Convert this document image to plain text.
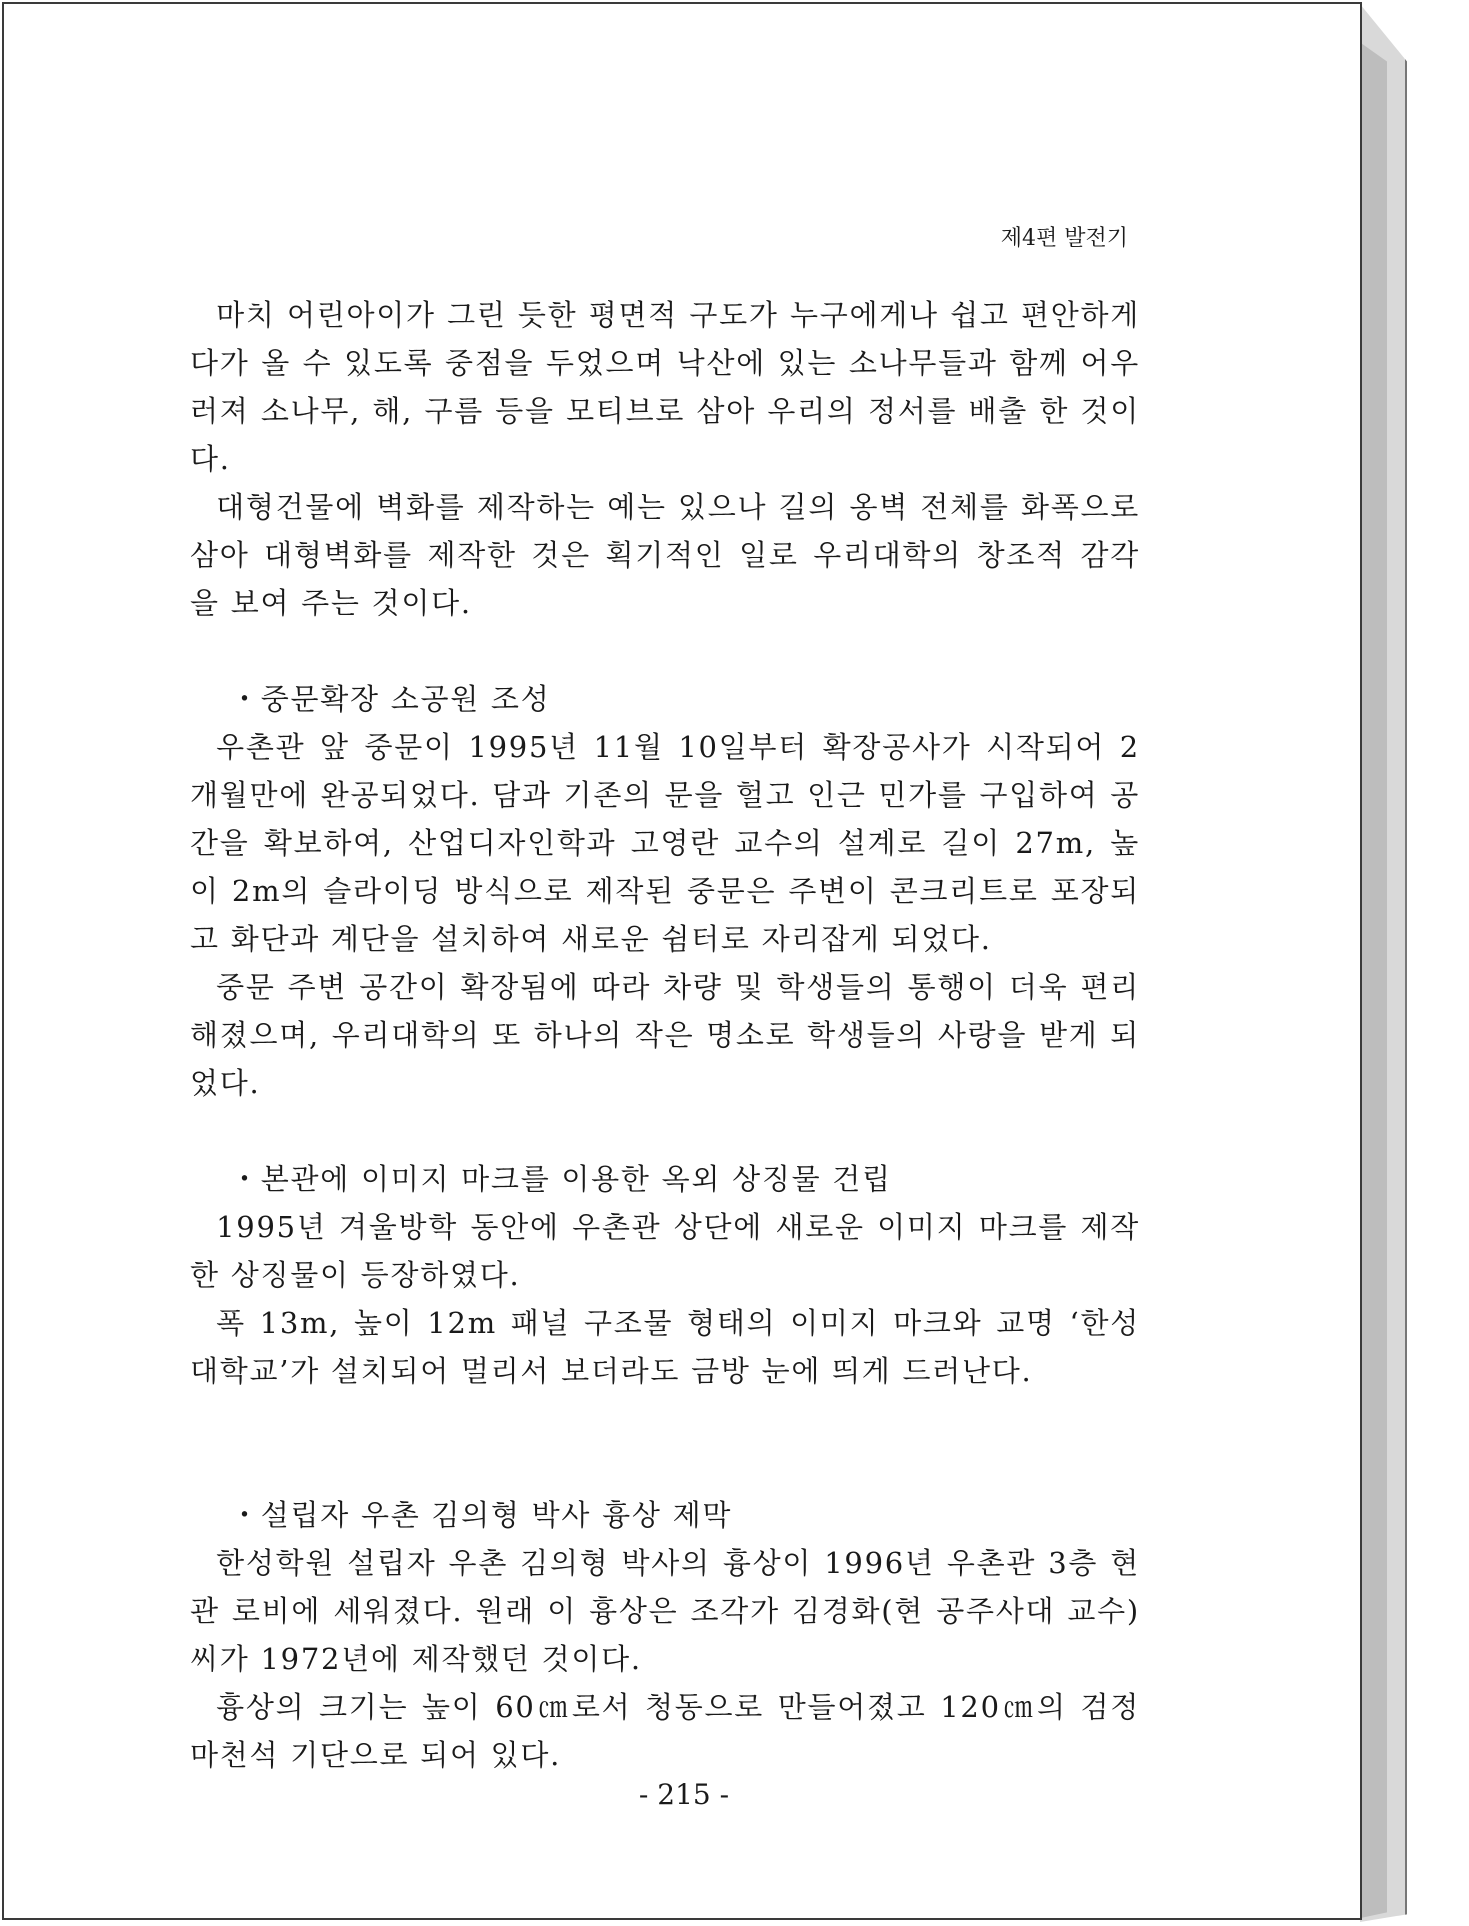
제4편 발전기

마치 어린아이가 그린 듯한 평면적 구도가 누구에게나 쉽고 편안하게 다가 올 수 있도록 중점을 두었으며 낙산에 있는 소나무들과 함께 어우러져 소나무, 해, 구름 등을 모티브로 삼아 우리의 정서를 배출 한 것이다.

대형건물에 벽화를 제작하는 예는 있으나 길의 옹벽 전체를 화폭으로 삼아 대형벽화를 제작한 것은 획기적인 일로 우리대학의 창조적 감각을 보여 주는 것이다.

・중문확장 소공원 조성

우촌관 앞 중문이 1995년 11월 10일부터 확장공사가 시작되어 2개월만에 완공되었다. 담과 기존의 문을 헐고 인근 민가를 구입하여 공간을 확보하여, 산업디자인학과 고영란 교수의 설계로 길이 27m, 높이 2m의 슬라이딩 방식으로 제작된 중문은 주변이 콘크리트로 포장되고 화단과 계단을 설치하여 새로운 쉼터로 자리잡게 되었다.

중문 주변 공간이 확장됨에 따라 차량 및 학생들의 통행이 더욱 편리해졌으며, 우리대학의 또 하나의 작은 명소로 학생들의 사랑을 받게 되었다.

・본관에 이미지 마크를 이용한 옥외 상징물 건립

1995년 겨울방학 동안에 우촌관 상단에 새로운 이미지 마크를 제작한 상징물이 등장하였다.

폭 13m, 높이 12m 패널 구조물 형태의 이미지 마크와 교명 ‘한성대학교’가 설치되어 멀리서 보더라도 금방 눈에 띄게 드러난다.

・설립자 우촌 김의형 박사 흉상 제막

한성학원 설립자 우촌 김의형 박사의 흉상이 1996년 우촌관 3층 현관 로비에 세워졌다. 원래 이 흉상은 조각가 김경화(현 공주사대 교수)씨가 1972년에 제작했던 것이다.

흉상의 크기는 높이 60㎝로서 청동으로 만들어졌고 120㎝의 검정 마천석 기단으로 되어 있다.

- 215 -
